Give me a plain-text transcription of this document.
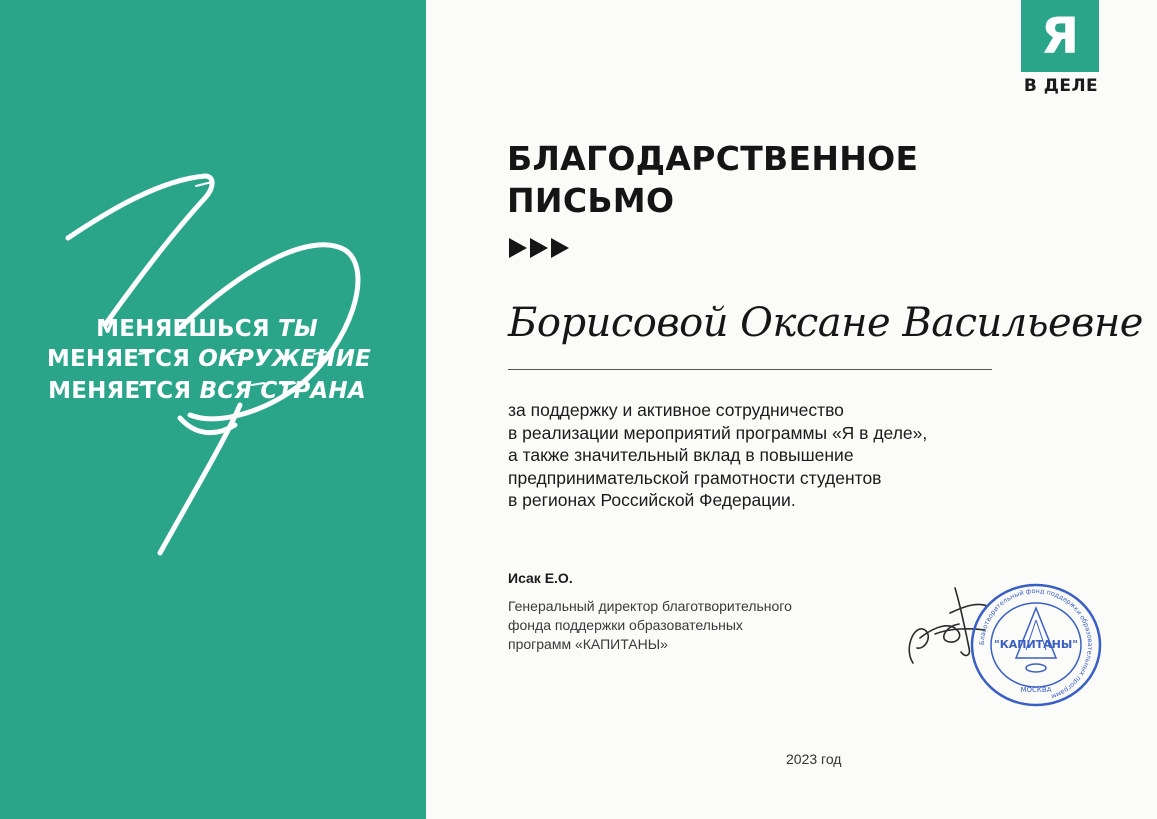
МЕНЯЕШЬСЯ ТЫ
МЕНЯЕТСЯ ОКРУЖЕНИЕ
МЕНЯЕТСЯ ВСЯ СТРАНА
Я
В ДЕЛЕ
БЛАГОДАРСТВЕННОЕ
ПИСЬМО
Борисовой Оксане Васильевне
за поддержку и активное сотрудничество
в реализации мероприятий программы «Я в деле»,
а также значительный вклад в повышение
предпринимательской грамотности студентов
в регионах Российской Федерации.
Исак Е.О.
Генеральный директор благотворительного
фонда поддержки образовательных
программ «КАПИТАНЫ»	Благотворительный фонд поддержки образовательных программ
"КАПИТАНЫ"
МОСКВА
2023 год
